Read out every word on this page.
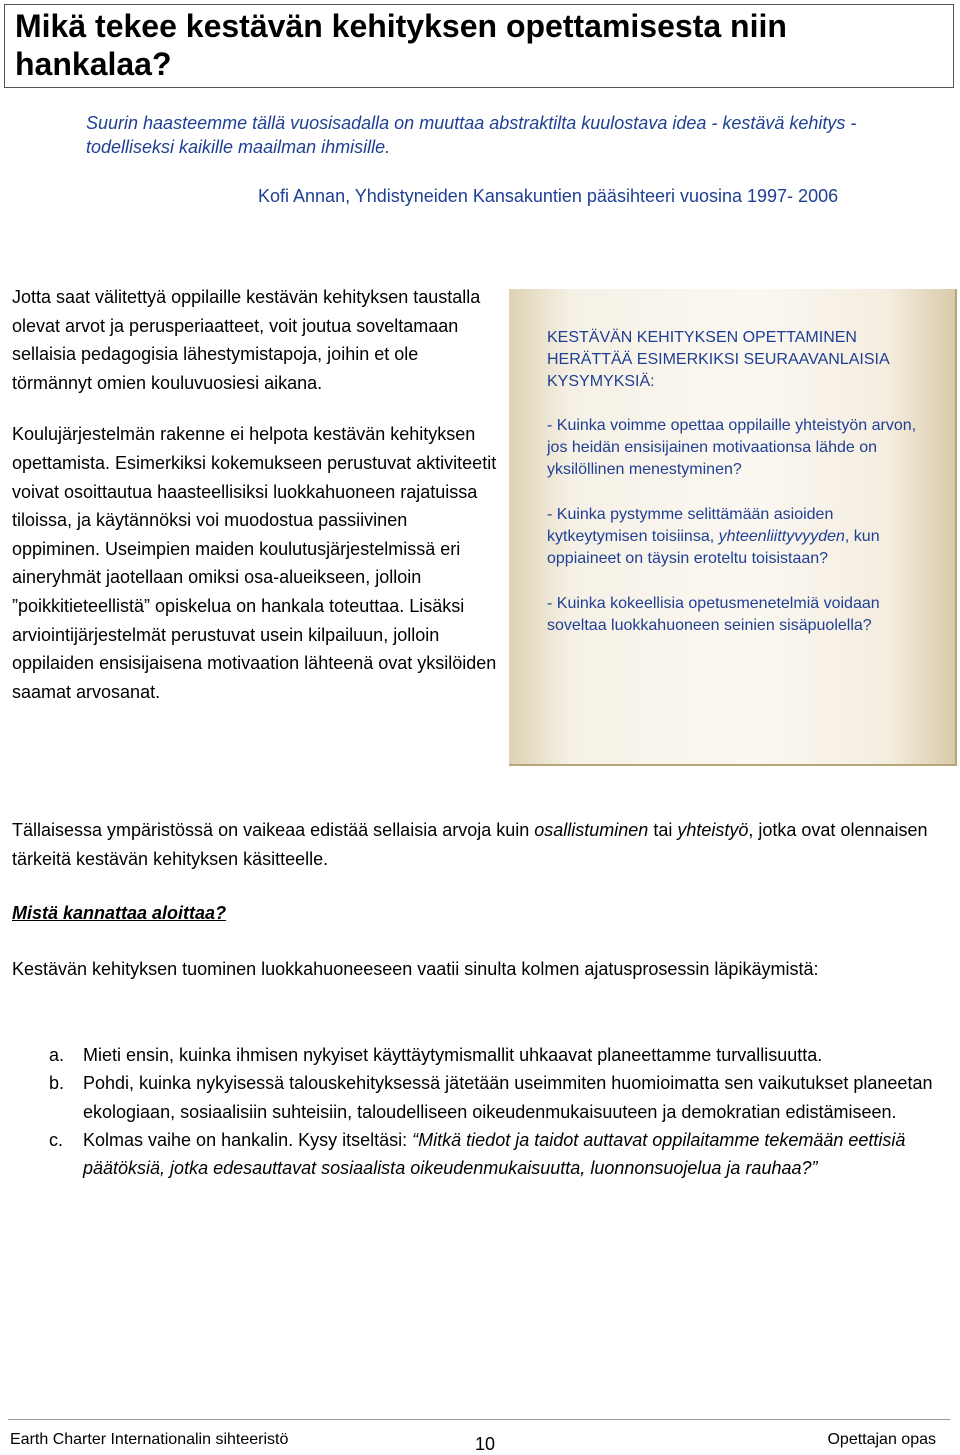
Mikä tekee kestävän kehityksen opettamisesta niin hankalaa?

Suurin haasteemme tällä vuosisadalla on muuttaa abstraktilta kuulostava idea - kestävä kehitys - todelliseksi kaikille maailman ihmisille.

Kofi Annan, Yhdistyneiden Kansakuntien pääsihteeri vuosina 1997- 2006

Jotta saat välitettyä oppilaille kestävän kehityksen taustalla olevat arvot ja perusperiaatteet, voit joutua soveltamaan sellaisia pedagogisia lähestymistapoja, joihin et ole törmännyt omien kouluvuosiesi aikana.

Koulujärjestelmän rakenne ei helpota kestävän kehityksen opettamista. Esimerkiksi kokemukseen perustuvat aktiviteetit voivat osoittautua haasteellisiksi luokkahuoneen rajatuissa tiloissa, ja käytännöksi voi muodostua passiivinen oppiminen. Useimpien maiden koulutusjärjestelmissä eri aineryhmät jaotellaan omiksi osa-alueikseen, jolloin ”poikkitieteellistä” opiskelua on hankala toteuttaa. Lisäksi arviointijärjestelmät perustuvat usein kilpailuun, jolloin oppilaiden ensisijaisena motivaation lähteenä ovat yksilöiden saamat arvosanat.

KESTÄVÄN KEHITYKSEN OPETTAMINEN HERÄTTÄÄ ESIMERKIKSI SEURAAVANLAISIA KYSYMYKSIÄ:

- Kuinka voimme opettaa oppilaille yhteistyön arvon, jos heidän ensisijainen motivaationsa lähde on yksilöllinen menestyminen?

- Kuinka pystymme selittämään asioiden kytkeytymisen toisiinsa, yhteenliittyvyyden, kun oppiaineet on täysin eroteltu toisistaan?

- Kuinka kokeellisia opetusmenetelmiä voidaan soveltaa luokkahuoneen seinien sisäpuolella?

Tällaisessa ympäristössä on vaikeaa edistää sellaisia arvoja kuin osallistuminen tai yhteistyö, jotka ovat olennaisen tärkeitä kestävän kehityksen käsitteelle.

Mistä kannattaa aloittaa?

Kestävän kehityksen tuominen luokkahuoneeseen vaatii sinulta kolmen ajatusprosessin läpikäymistä:

a. Mieti ensin, kuinka ihmisen nykyiset käyttäytymismallit uhkaavat planeettamme turvallisuutta.
b. Pohdi, kuinka nykyisessä talouskehityksessä jätetään useimmiten huomioimatta sen vaikutukset planeetan ekologiaan, sosiaalisiin suhteisiin, taloudelliseen oikeudenmukaisuuteen ja demokratian edistämiseen.
c. Kolmas vaihe on hankalin. Kysy itseltäsi: “Mitkä tiedot ja taidot auttavat oppilaitamme tekemään eettisiä päätöksiä, jotka edesauttavat sosiaalista oikeudenmukaisuutta, luonnonsuojelua ja rauhaa?”
Earth Charter Internationalin sihteeristö	10	Opettajan opas
